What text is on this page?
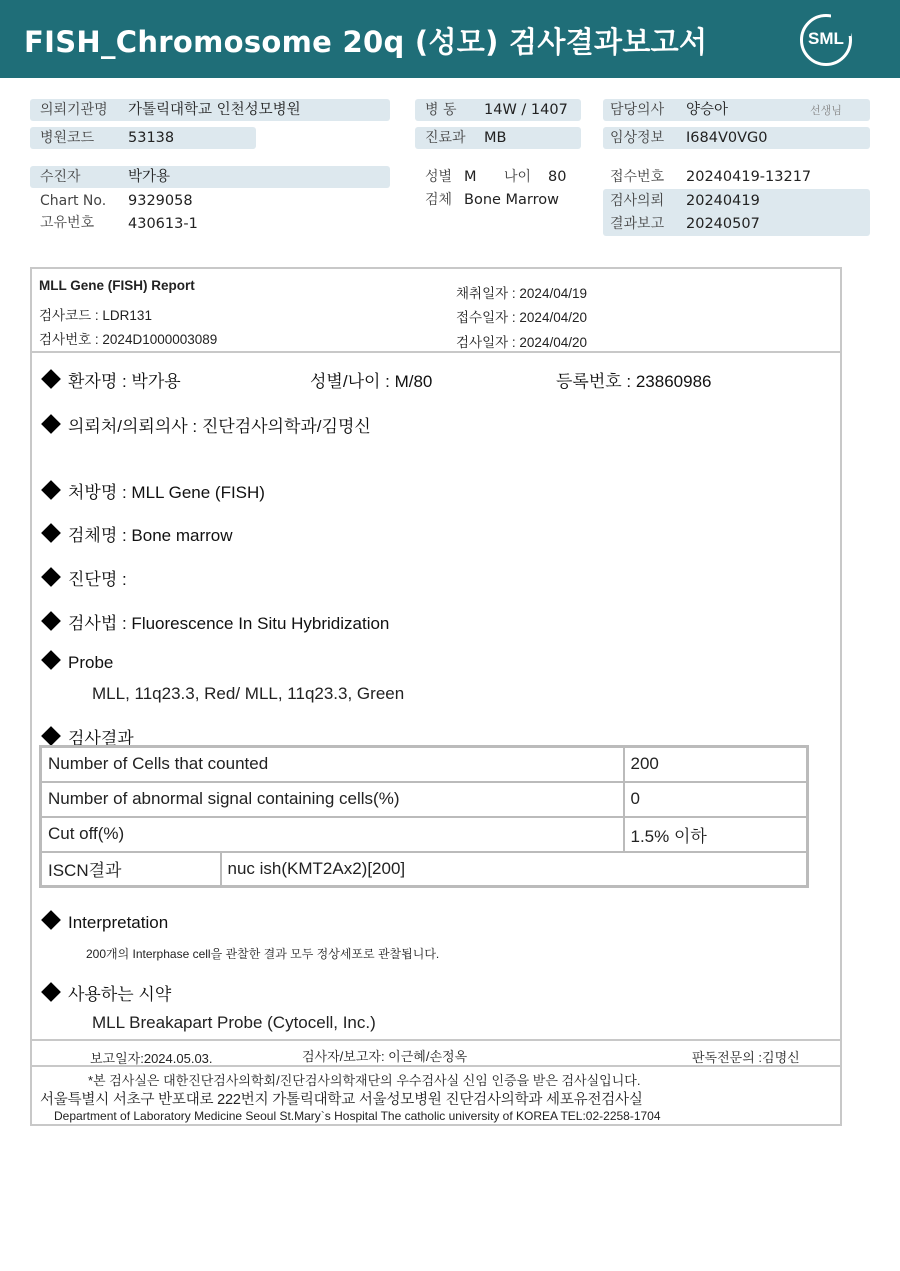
FISH_Chromosome 20q (성모) 검사결과보고서	SML
의뢰기관명 가톨릭대학교 인천성모병원
병원코드 53138
병 동 14W / 1407
진료과 MB
담당의사 양승아	선생님
임상정보 I684V0VG0
수진자	박가용
Chart No. 9329058
고유번호 430613-1
성별 M 나이 80
검체 Bone Marrow
접수번호 20240419-13217
검사의뢰 20240419
결과보고 20240507
MLL Gene (FISH) Report
검사코드 : LDR131
검사번호 : 2024D1000003089
채취일자 : 2024/04/19
접수일자 : 2024/04/20
검사일자 : 2024/04/20
환자명 : 박가용	성별/나이 : M/80	등록번호 : 23860986
의뢰처/의뢰의사 : 진단검사의학과/김명신
처방명 : MLL Gene (FISH)
검체명 : Bone marrow
진단명 :
검사법 : Fluorescence In Situ Hybridization
Probe
MLL, 11q23.3, Red/ MLL, 11q23.3, Green
검사결과
Number of Cells that counted		200
Number of abnormal signal containing cells(%)		0
Cut off(%)		1.5% 이하
ISCN결과	nuc ish(KMT2Ax2)[200]	
Interpretation
200개의 Interphase cell을 관찰한 결과 모두 정상세포로 관찰됩니다.
사용하는 시약
MLL Breakapart Probe (Cytocell, Inc.)
보고일자:2024.05.03.	검사자/보고자: 이근혜/손정옥	판독전문의 :김명신
*본 검사실은 대한진단검사의학회/진단검사의학재단의 우수검사실 신임 인증을 받은 검사실입니다.
서울특별시 서초구 반포대로 222번지 가톨릭대학교 서울성모병원 진단검사의학과 세포유전검사실
Department of Laboratory Medicine Seoul St.Mary`s Hospital The catholic university of KOREA TEL:02-2258-1704
